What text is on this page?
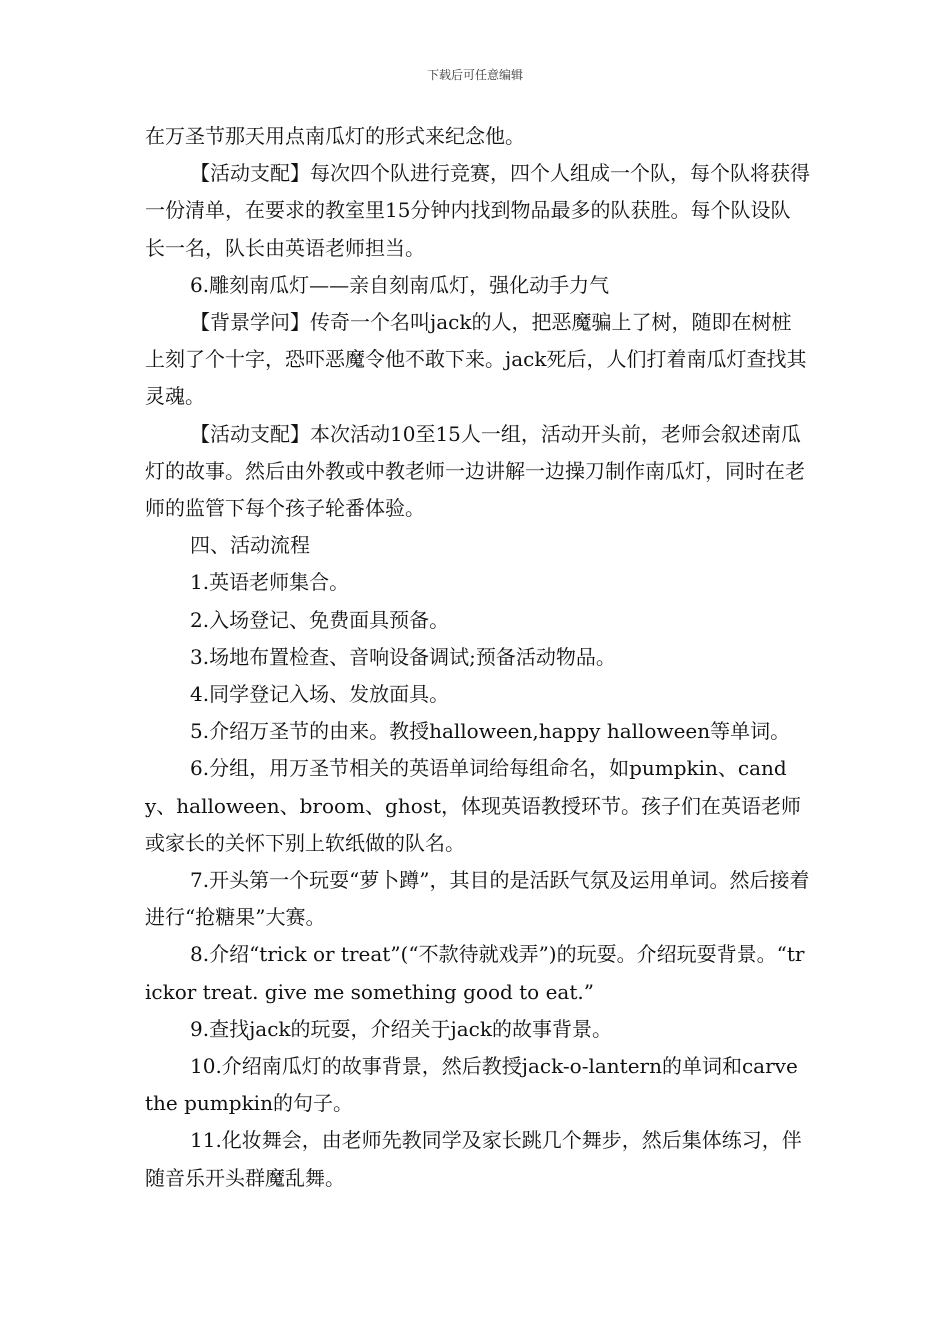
下载后可任意编辑

在万圣节那天用点南瓜灯的形式来纪念他。

【活动支配】每次四个队进行竞赛，四个人组成一个队，每个队将获得一份清单，在要求的教室里15分钟内找到物品最多的队获胜。每个队设队长一名，队长由英语老师担当。

6.雕刻南瓜灯——亲自刻南瓜灯，强化动手力气

【背景学问】传奇一个名叫jack的人，把恶魔骗上了树，随即在树桩上刻了个十字，恐吓恶魔令他不敢下来。jack死后，人们打着南瓜灯查找其灵魂。

【活动支配】本次活动10至15人一组，活动开头前，老师会叙述南瓜灯的故事。然后由外教或中教老师一边讲解一边操刀制作南瓜灯，同时在老师的监管下每个孩子轮番体验。

四、活动流程

1.英语老师集合。

2.入场登记、免费面具预备。

3.场地布置检查、音响设备调试;预备活动物品。

4.同学登记入场、发放面具。

5.介绍万圣节的由来。教授halloween,happy halloween等单词。

6.分组，用万圣节相关的英语单词给每组命名，如pumpkin、candy、halloween、broom、ghost，体现英语教授环节。孩子们在英语老师或家长的关怀下别上软纸做的队名。

7.开头第一个玩耍“萝卜蹲”，其目的是活跃气氛及运用单词。然后接着进行“抢糖果”大赛。

8.介绍“trick or treat”(“不款待就戏弄”)的玩耍。介绍玩耍背景。“trickor treat. give me something good to eat.”

9.查找jack的玩耍，介绍关于jack的故事背景。

10.介绍南瓜灯的故事背景，然后教授jack-o-lantern的单词和carve the pumpkin的句子。

11.化妆舞会，由老师先教同学及家长跳几个舞步，然后集体练习，伴随音乐开头群魔乱舞。
